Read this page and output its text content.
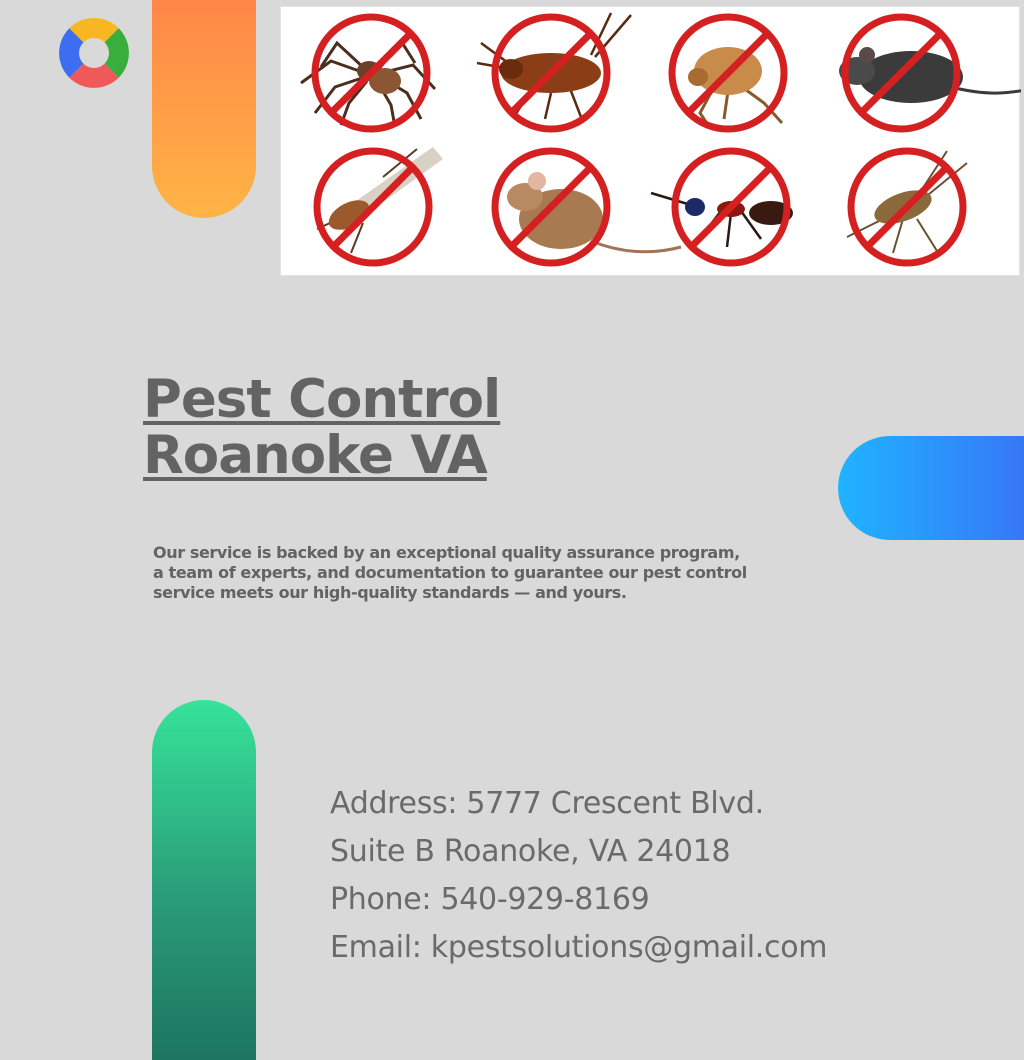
Pest Control
Roanoke VA

Our service is backed by an exceptional quality assurance program, a team of experts, and documentation to guarantee our pest control service meets our high-quality standards — and yours.

Address: 5777 Crescent Blvd.
Suite B Roanoke, VA 24018
Phone: 540-929-8169
Email: kpestsolutions@gmail.com
